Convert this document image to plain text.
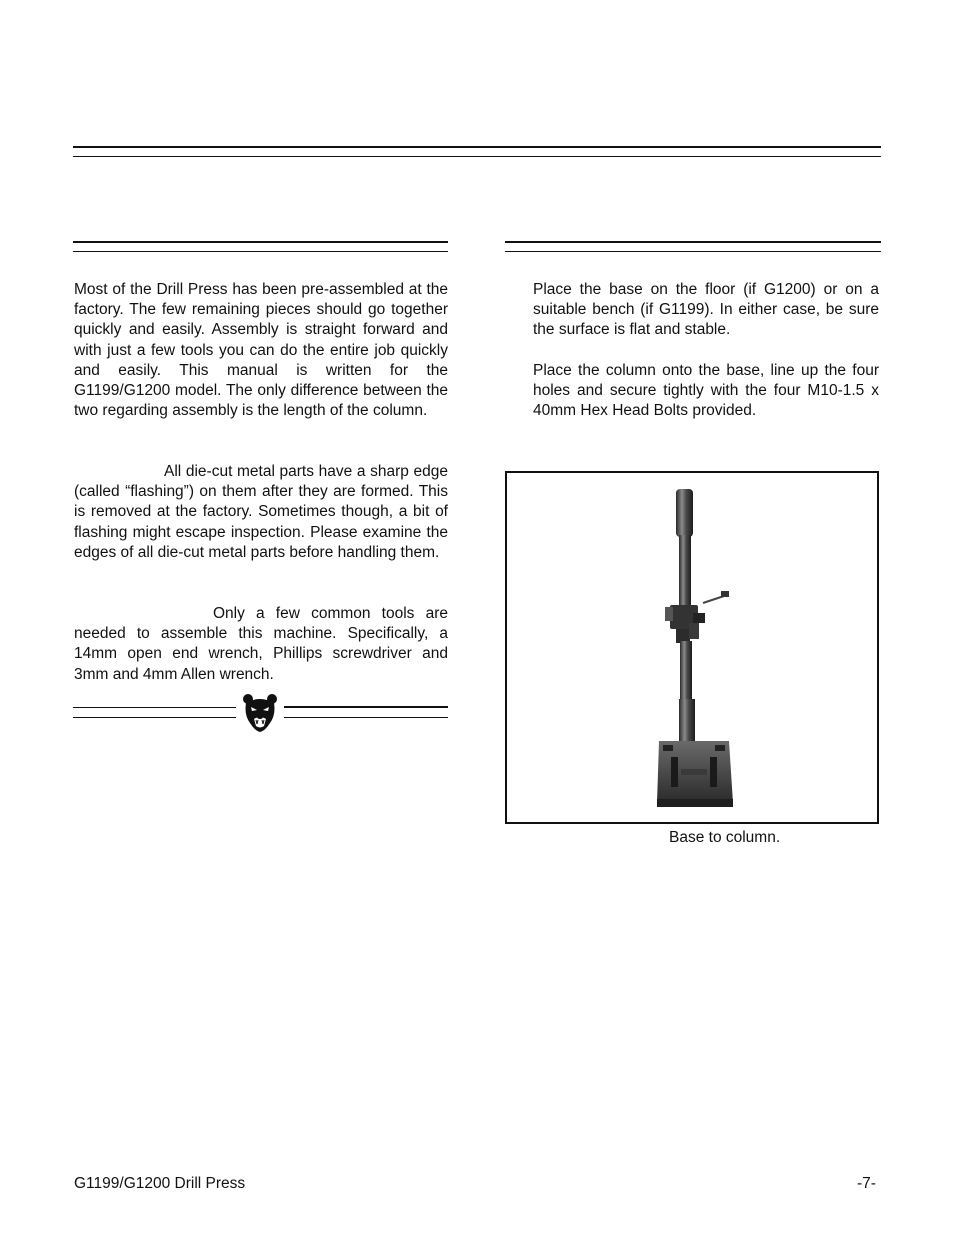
Most of the Drill Press has been pre-assembled at the factory. The few remaining pieces should go together quickly and easily. Assembly is straight forward and with just a few tools you can do the entire job quickly and easily. This manual is written for the G1199/G1200 model. The only difference between the two regarding assembly is the length of the column.

All die-cut metal parts have a sharp edge (called “flashing”) on them after they are formed. This is removed at the factory. Sometimes though, a bit of flashing might escape inspection. Please examine the edges of all die-cut metal parts before handling them.

Only a few common tools are needed to assemble this machine. Specifically, a 14mm open end wrench, Phillips screwdriver and 3mm and 4mm Allen wrench.

Place the base on the floor (if G1200) or on a suitable bench (if G1199). In either case, be sure the surface is flat and stable.

Place the column onto the base, line up the four holes and secure tightly with the four M10-1.5 x 40mm Hex Head Bolts provided.

Base to column.
G1199/G1200 Drill Press	-7-
